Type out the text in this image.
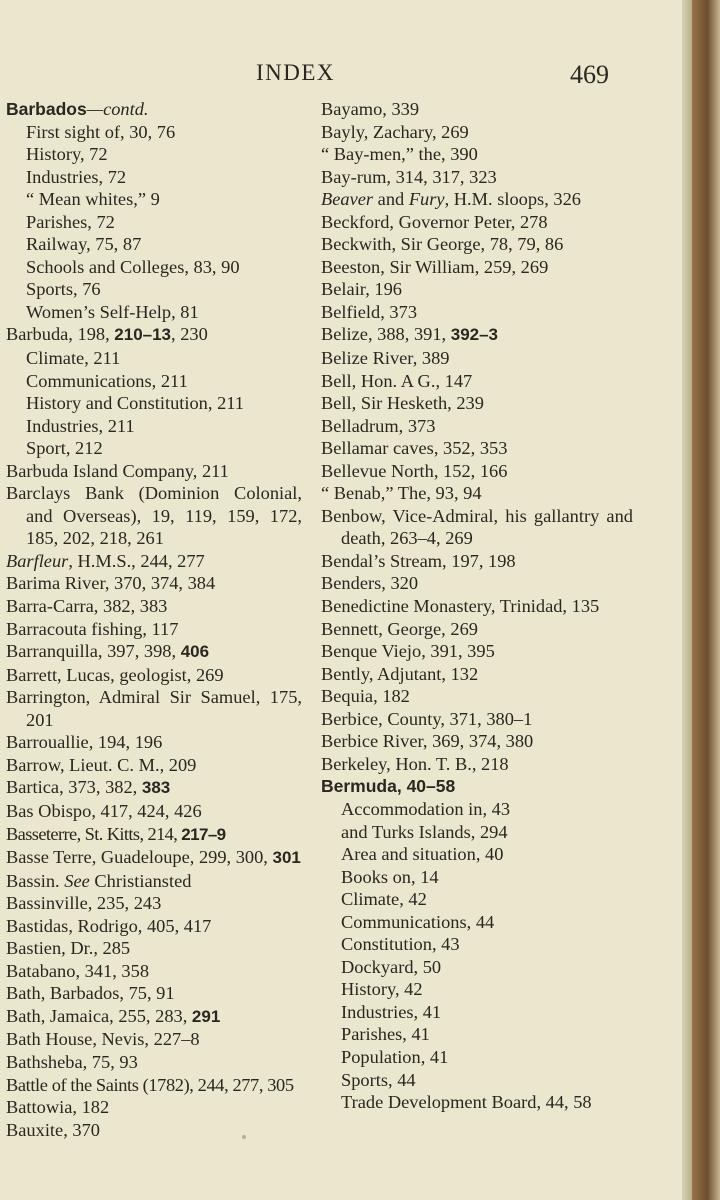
INDEX	469
Barbados—contd.
First sight of, 30, 76
History, 72
Industries, 72
“ Mean whites,” 9
Parishes, 72
Railway, 75, 87
Schools and Colleges, 83, 90
Sports, 76
Women’s Self-Help, 81
Barbuda, 198, 210–13, 230
Climate, 211
Communications, 211
History and Constitution, 211
Industries, 211
Sport, 212
Barbuda Island Company, 211
Barclays Bank (Dominion Colonial, and Overseas), 19, 119, 159, 172, 185, 202, 218, 261
Barfleur, H.M.S., 244, 277
Barima River, 370, 374, 384
Barra-Carra, 382, 383
Barracouta fishing, 117
Barranquilla, 397, 398, 406
Barrett, Lucas, geologist, 269
Barrington, Admiral Sir Samuel, 175, 201
Barrouallie, 194, 196
Barrow, Lieut. C. M., 209
Bartica, 373, 382, 383
Bas Obispo, 417, 424, 426
Basseterre, St. Kitts, 214, 217–9
Basse Terre, Guadeloupe, 299, 300, 301
Bassin. See Christiansted
Bassinville, 235, 243
Bastidas, Rodrigo, 405, 417
Bastien, Dr., 285
Batabano, 341, 358
Bath, Barbados, 75, 91
Bath, Jamaica, 255, 283, 291
Bath House, Nevis, 227–8
Bathsheba, 75, 93
Battle of the Saints (1782), 244, 277, 305
Battowia, 182
Bauxite, 370
Bayamo, 339
Bayly, Zachary, 269
“ Bay-men,” the, 390
Bay-rum, 314, 317, 323
Beaver and Fury, H.M. sloops, 326
Beckford, Governor Peter, 278
Beckwith, Sir George, 78, 79, 86
Beeston, Sir William, 259, 269
Belair, 196
Belfield, 373
Belize, 388, 391, 392–3
Belize River, 389
Bell, Hon. A G., 147
Bell, Sir Hesketh, 239
Belladrum, 373
Bellamar caves, 352, 353
Bellevue North, 152, 166
“ Benab,” The, 93, 94
Benbow, Vice-Admiral, his gallantry and death, 263–4, 269
Bendal’s Stream, 197, 198
Benders, 320
Benedictine Monastery, Trinidad, 135
Bennett, George, 269
Benque Viejo, 391, 395
Bently, Adjutant, 132
Bequia, 182
Berbice, County, 371, 380–1
Berbice River, 369, 374, 380
Berkeley, Hon. T. B., 218
Bermuda, 40–58
Accommodation in, 43
and Turks Islands, 294
Area and situation, 40
Books on, 14
Climate, 42
Communications, 44
Constitution, 43
Dockyard, 50
History, 42
Industries, 41
Parishes, 41
Population, 41
Sports, 44
Trade Development Board, 44, 58
